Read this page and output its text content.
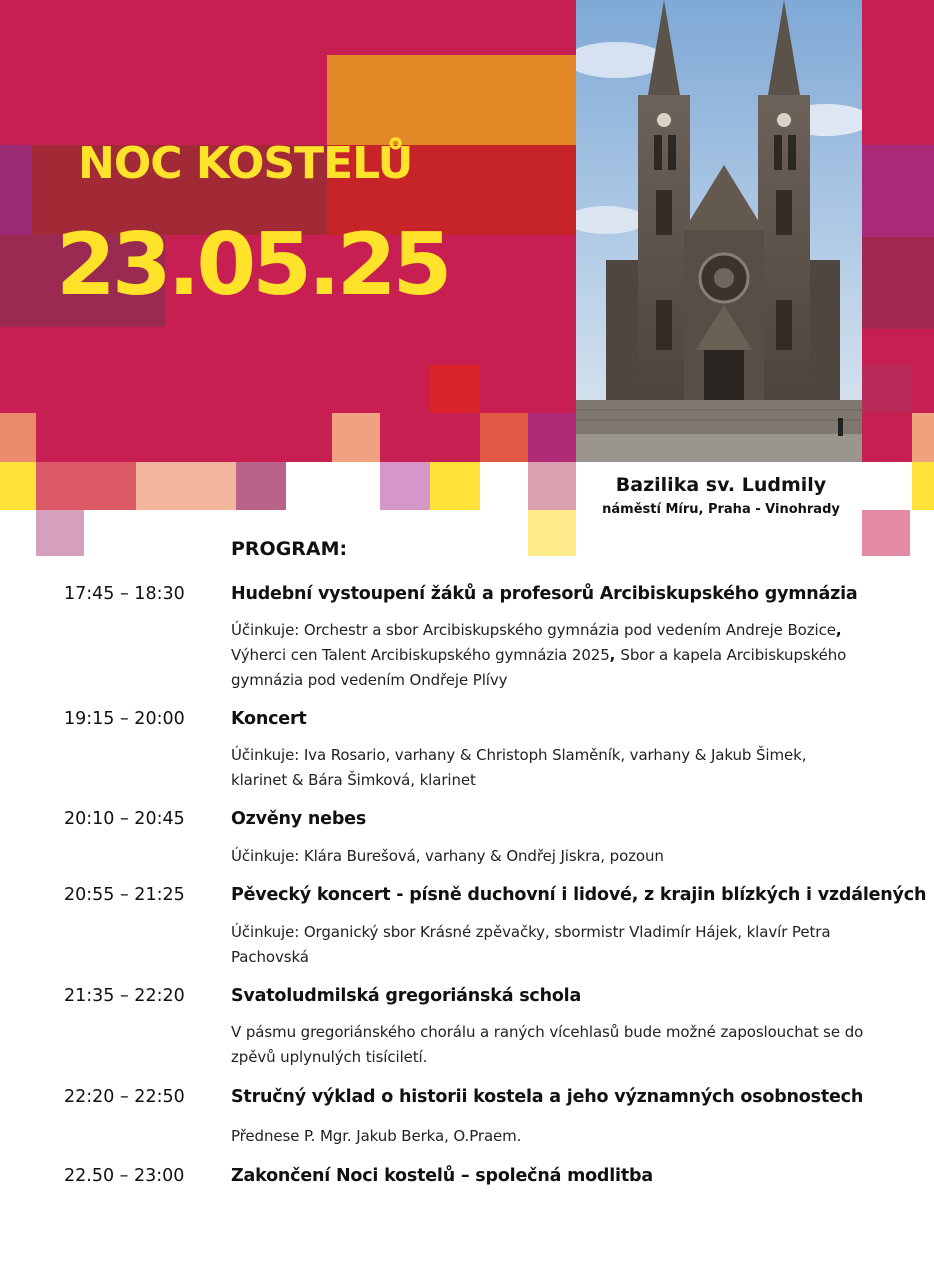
NOC KOSTELŮ
23.05.25
Bazilika sv. Ludmily
náměstí Míru, Praha - Vinohrady
PROGRAM:
17:45 – 18:30	Hudební vystoupení žáků a profesorů Arcibiskupského gymnázia
Účinkuje: Orchestr a sbor Arcibiskupského gymnázia pod vedením Andreje Bozice,
Výherci cen Talent Arcibiskupského gymnázia 2025, Sbor a kapela Arcibiskupského
gymnázia pod vedením Ondřeje Plívy
19:15 – 20:00	Koncert
Účinkuje: Iva Rosario, varhany & Christoph Slaměník, varhany & Jakub Šimek, klarinet & Bára Šimková, klarinet
20:10 – 20:45	Ozvěny nebes
Účinkuje: Klára Burešová, varhany & Ondřej Jiskra, pozoun
20:55 – 21:25	Pěvecký koncert - písně duchovní i lidové, z krajin blízkých i vzdálených
Účinkuje: Organický sbor Krásné zpěvačky, sbormistr Vladimír Hájek, klavír Petra Pachovská
21:35 – 22:20	Svatoludmilská gregoriánská schola
V pásmu gregoriánského chorálu a raných vícehlasů bude možné zaposlouchat se do zpěvů uplynulých tisíciletí.
22:20 – 22:50	Stručný výklad o historii kostela a jeho významných osobnostech
Přednese P. Mgr. Jakub Berka, O.Praem.
22.50 – 23:00	Zakončení Noci kostelů – společná modlitba
